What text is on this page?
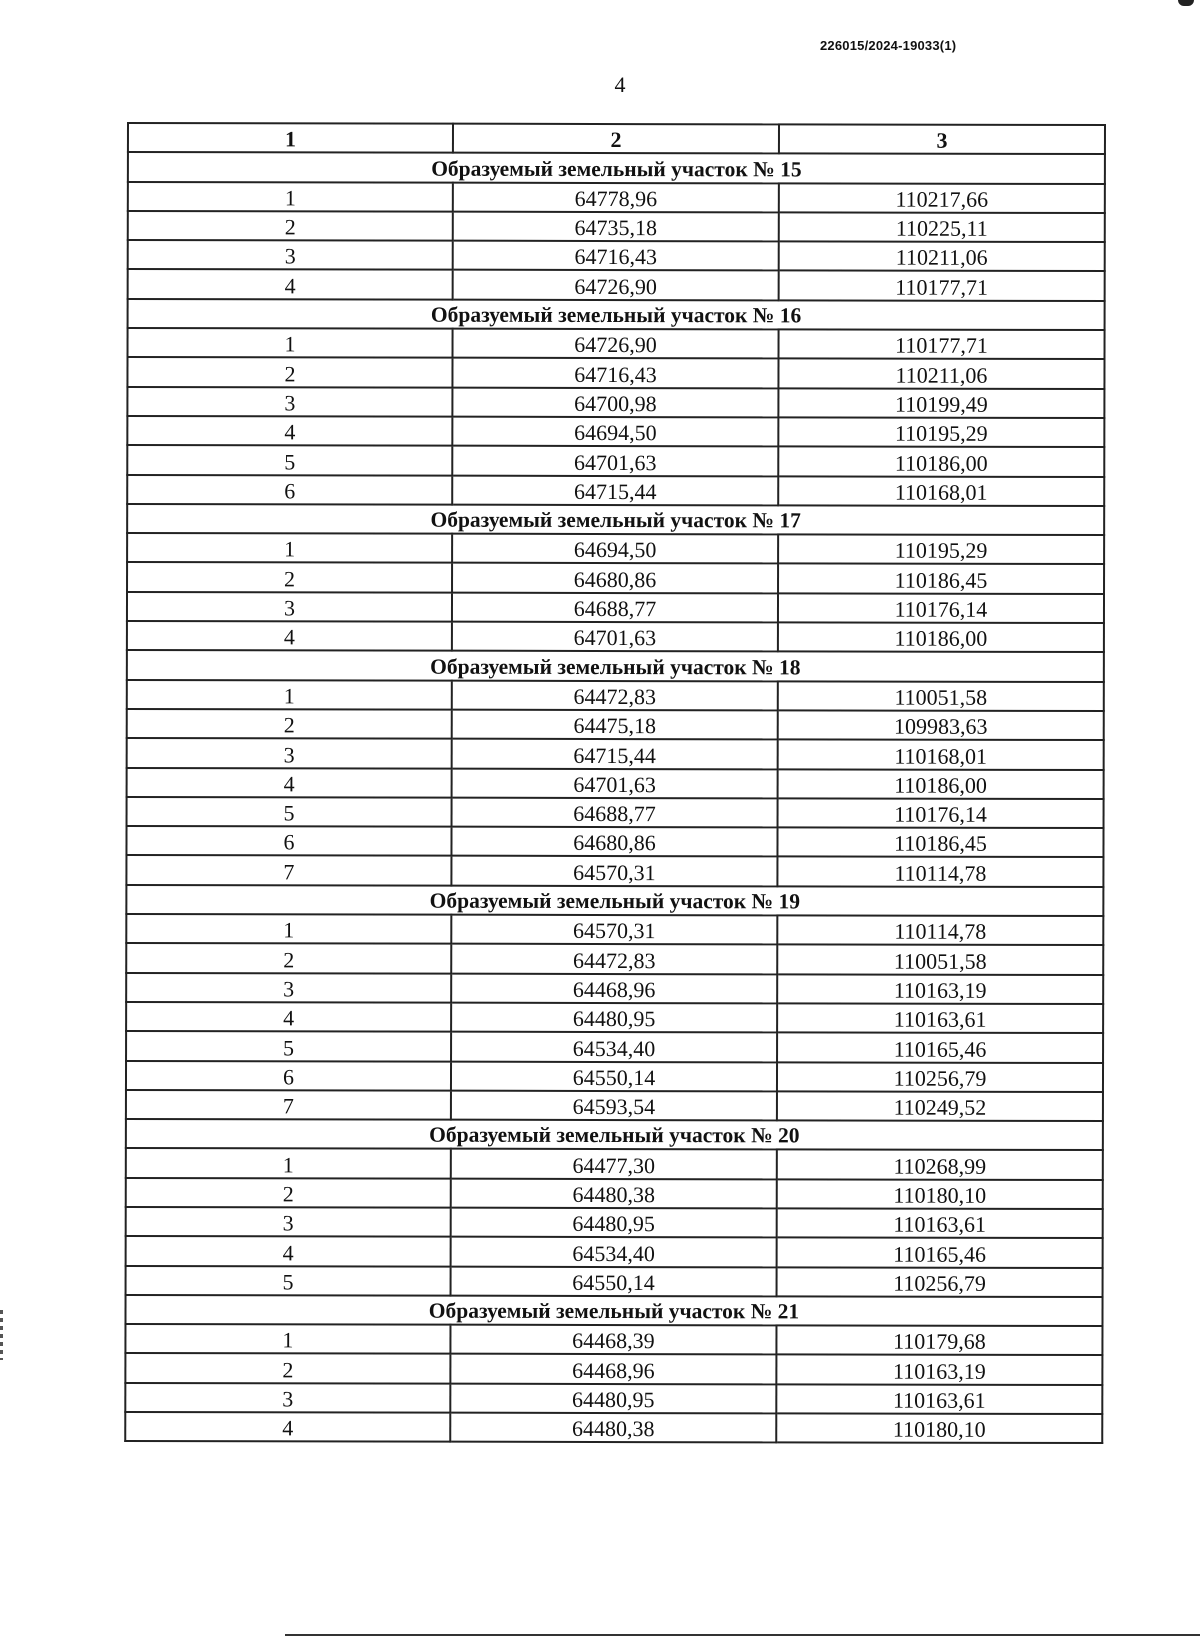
226015/2024-19033(1)
4
1	2	3
Образуемый земельный участок № 15		
1	64778,96	110217,66
2	64735,18	110225,11
3	64716,43	110211,06
4	64726,90	110177,71
Образуемый земельный участок № 16		
1	64726,90	110177,71
2	64716,43	110211,06
3	64700,98	110199,49
4	64694,50	110195,29
5	64701,63	110186,00
6	64715,44	110168,01
Образуемый земельный участок № 17		
1	64694,50	110195,29
2	64680,86	110186,45
3	64688,77	110176,14
4	64701,63	110186,00
Образуемый земельный участок № 18		
1	64472,83	110051,58
2	64475,18	109983,63
3	64715,44	110168,01
4	64701,63	110186,00
5	64688,77	110176,14
6	64680,86	110186,45
7	64570,31	110114,78
Образуемый земельный участок № 19		
1	64570,31	110114,78
2	64472,83	110051,58
3	64468,96	110163,19
4	64480,95	110163,61
5	64534,40	110165,46
6	64550,14	110256,79
7	64593,54	110249,52
Образуемый земельный участок № 20		
1	64477,30	110268,99
2	64480,38	110180,10
3	64480,95	110163,61
4	64534,40	110165,46
5	64550,14	110256,79
Образуемый земельный участок № 21		
1	64468,39	110179,68
2	64468,96	110163,19
3	64480,95	110163,61
4	64480,38	110180,10
